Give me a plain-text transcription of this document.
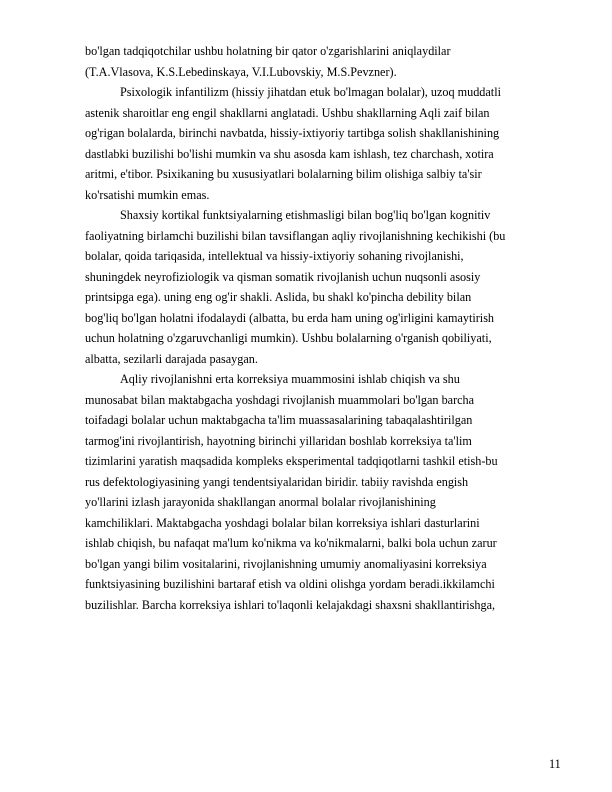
bo'lgan tadqiqotchilar ushbu holatning bir qator o'zgarishlarini aniqlaydilar
(T.A.Vlasova, K.S.Lebedinskaya, V.I.Lubovskiy, M.S.Pevzner).
Psixologik infantilizm (hissiy jihatdan etuk bo'lmagan bolalar), uzoq muddatli
astenik sharoitlar eng engil shakllarni anglatadi. Ushbu shakllarning Aqli zaif bilan
og'rigan bolalarda, birinchi navbatda, hissiy-ixtiyoriy tartibga solish shakllanishining
dastlabki buzilishi bo'lishi mumkin va shu asosda kam ishlash, tez charchash, xotira
aritmi, e'tibor. Psixikaning bu xususiyatlari bolalarning bilim olishiga salbiy ta'sir
ko'rsatishi mumkin emas.
Shaxsiy kortikal funktsiyalarning etishmasligi bilan bog'liq bo'lgan kognitiv
faoliyatning birlamchi buzilishi bilan tavsiflangan aqliy rivojlanishning kechikishi (bu
bolalar, qoida tariqasida, intellektual va hissiy-ixtiyoriy sohaning rivojlanishi,
shuningdek neyrofiziologik va qisman somatik rivojlanish uchun nuqsonli asosiy
printsipga ega). uning eng og'ir shakli. Aslida, bu shakl ko'pincha debility bilan
bog'liq bo'lgan holatni ifodalaydi (albatta, bu erda ham uning og'irligini kamaytirish
uchun holatning o'zgaruvchanligi mumkin). Ushbu bolalarning o'rganish qobiliyati,
albatta, sezilarli darajada pasaygan.
Aqliy rivojlanishni erta korreksiya muammosini ishlab chiqish va shu
munosabat bilan maktabgacha yoshdagi rivojlanish muammolari bo'lgan barcha
toifadagi bolalar uchun maktabgacha ta'lim muassasalarining tabaqalashtirilgan
tarmog'ini rivojlantirish, hayotning birinchi yillaridan boshlab korreksiya ta'lim
tizimlarini yaratish maqsadida kompleks eksperimental tadqiqotlarni tashkil etish-bu
rus defektologiyasining yangi tendentsiyalaridan biridir. tabiiy ravishda engish
yo'llarini izlash jarayonida shakllangan anormal bolalar rivojlanishining
kamchiliklari. Maktabgacha yoshdagi bolalar bilan korreksiya ishlari dasturlarini
ishlab chiqish, bu nafaqat ma'lum ko'nikma va ko'nikmalarni, balki bola uchun zarur
bo'lgan yangi bilim vositalarini, rivojlanishning umumiy anomaliyasini korreksiya
funktsiyasining buzilishini bartaraf etish va oldini olishga yordam beradi.ikkilamchi
buzilishlar. Barcha korreksiya ishlari to'laqonli kelajakdagi shaxsni shakllantirishga,
11
